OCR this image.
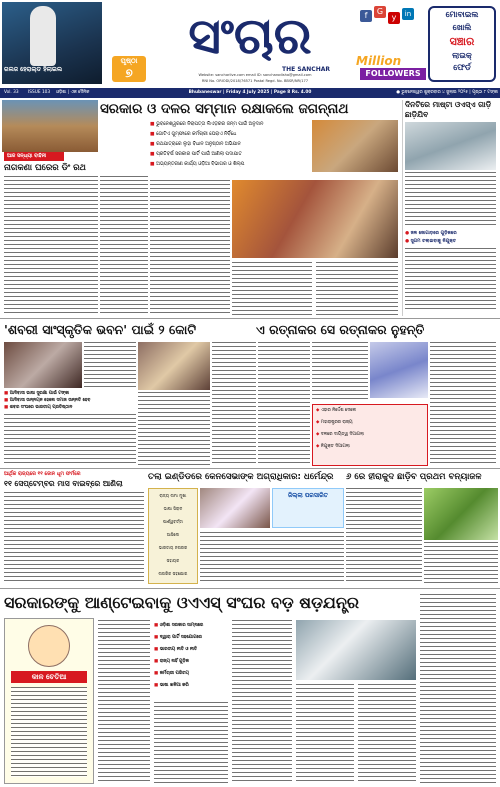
ଗଲଜ ହେରାଲ୍ଡ ହିଲାଇଲ
ପୃଷ୍ଠା
୭
ସଂଚାର
THE SANCHAR
Website: sancharlive.com email ID: sancharodisha@gmail.com
RNI No. ORIODI/2018/76571 Postal Regd. No. BBSR/NR/177
f	G
y	in
Million
FOLLOWERS
ମୋବାଇଲ
ଖୋଲି
ସଞ୍ଚାର
ଲାଇକ୍
ଫେର୍ଡ
Vol. 33	ISSUE 103	ଓଡ଼ିଶା | ଏକ ଦୈନିକ	Bhubaneswar | Friday 4 July 2025 | Page 8 Rs. 4.00	● ଭୁବନେଶ୍ୱର ଶୁକ୍ରବାର ୪ ଜୁଲାଇ ୨୦୨୫ | ପୃଷ୍ଠା ୮ ଟଙ୍କା
ସରକାର ଓ ଦଳର ସମ୍ମାନ ରକ୍ଷାକଲେ ଜଗନ୍ନାଥ
ଆଜ ସନ୍ଧ୍ୟା ବାହିନୀ
ନାଗକଣା ଘରେର ଡିଂ ରଥ
■ ଭୁବନେଶ୍ୱରରେ ନିରାପତ୍ତା ଲିଏଡ଼ରର ଜନ୍ମ ପାଇଁ ଅନୁଦାନ
■ ଗୋଟିଏ ଗୁମ୍ଫାରେ କର୍ମଚାରୀ ଘେରାଏ ନିର୍ବିଧେ
■ ରଥଯାତ୍ରାରେ ଲୁହା ବିଧାନ ଅନୁଷ୍ଠାନ ଅଭିଯାନ
■ ପ୍ରତିବର୍ଷ ସରକାର ପାର୍ଟି ପାଇଁ ଆଣିଲା ପଦାଯାତ
■ ଅଭ୍ୟନ୍ତରୀଣ କାର୍ଯ୍ୟ ଓଡ଼ିଆ ବିଭାଗର ଓ ଶିଲ୍ପ
ଦିନଟିରେ ମାଷ୍ଟା ଓଏସ୍‌ଏ ଗାଡ଼ି ଛାଡ଼ିଯିବ
● ଜଳ ଜୋଗାଡ଼ରେ ଗୁଡ଼ିକରେ
● ସୁଗମ ଚଲାଇବାକୁ ନିଯୁକ୍ତ
'ଶବରୀ ସାଂସ୍କୃତିକ ଭବନ' ପାଇଁ ୨ କୋଟି	ଏ ରତ୍ନାକର ସେ ରତ୍ନାକର ନୁହନ୍ତି
■ ଆଦିବାସୀ ଭାଷା ସୁରକ୍ଷା ପାଇଁ ଟଙ୍କା
■ ଆଦିବାସୀ ଉନ୍ନୟନ ହେଲେ ସମାଜ ଉନ୍ନତି ହେବ
■ ଶବର ସଂଘରେ ଭାରତୀୟ ପ୍ରତିଷ୍ଠାନ
◆ ଏହାର ନିର୍ଦ୍ଦେଶ ଦେଲେ
◆ ମହାରାଷ୍ଟ୍ରର ରାଜ୍ୟ
◆ ଦଳରେ ଦାୟିତ୍ୱ ଦିଆଗଲା
◆ ନିଯୁକ୍ତ ଦିଆଗଲା
ଆର୍ଥିକ ରାଜ୍ୟରେ ୧୧ ଜୋନ ଧୂମ ଫର୍ମରେ
୧୧ ସେପ୍ଟେମ୍ବର ମାସ ବାଇବ୍‌ରେ ଆଣିଲା
ତଲା ଇଣ୍ଡିଡରେ କେନସେଭାଙ୍କ ଅଗ୍ରାଧିକାର: ଧର୍ମେନ୍ଦ୍ର	୬ ରେ ହୀରାକୁଦ ଛାଡ଼ିବ ପ୍ରଥମ ବନ୍ୟାଜଳ
ରାଜ୍ୟ ନାମା ମୁଖୀ
ଭାଷା ସିରାଳ
ପାର୍ଶ୍ୱବର୍ତ୍ତୀ
ଆସିଲେ
ଭାରତୀୟ ନଗରର
ସହାୟକ
ନାଗରିକ ସହଯୋଗ
ଜିଲ୍ଲା ପରସାରିତ
ସରକାରଙ୍କୁ ଆଣ୍ଟେଇବାକୁ ଓଏଏସ୍ ସଂଘର ବଡ଼ ଷଡ଼ଯନ୍ତ୍ର
କାଳ ଚେତିଆ
■ ଓଡ଼ିଶା ସରକାର ସାମ୍ନାରେ
■ ଦ୍ୱାରା ପାର୍ଟି ସହଯୋଗରେ
■ ଭାରତୀୟ ନୀତି ଓ ନୀତି
■ ରାଜ୍ୟ ନାହିଁ ଗୁଡ଼ିକ
■ କର୍ମଚାରୀ ପରିଚୟ
■ ଭାଷା ଖଳିଆ କରି
